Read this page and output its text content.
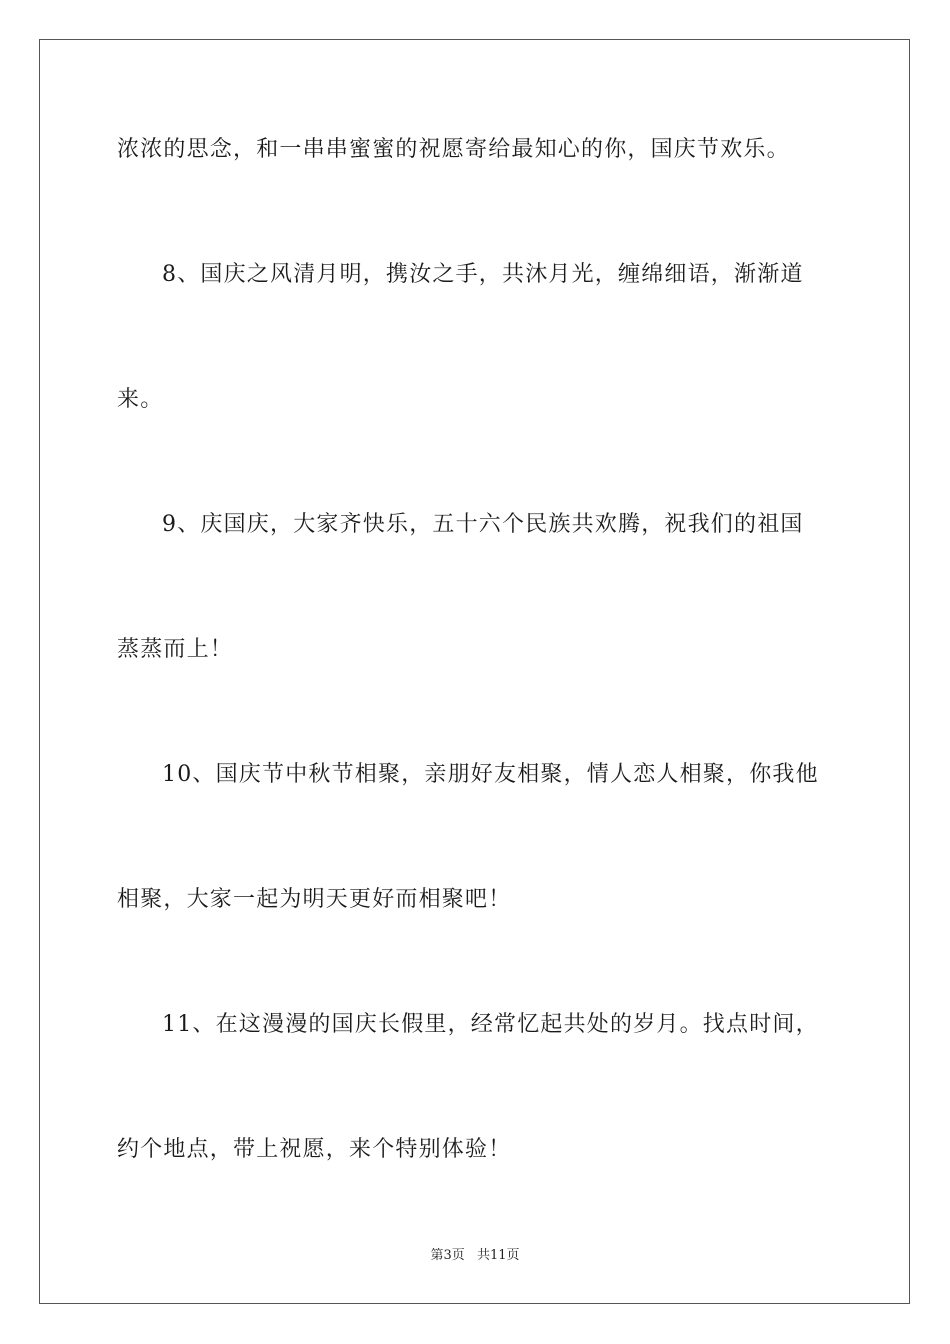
浓浓的思念，和一串串蜜蜜的祝愿寄给最知心的你，国庆节欢乐。
8、国庆之风清月明，携汝之手，共沐月光，缠绵细语，渐渐道
来。
9、庆国庆，大家齐快乐，五十六个民族共欢腾，祝我们的祖国
蒸蒸而上！
10、国庆节中秋节相聚，亲朋好友相聚，情人恋人相聚，你我他
相聚，大家一起为明天更好而相聚吧！
11、在这漫漫的国庆长假里，经常忆起共处的岁月。找点时间，
约个地点，带上祝愿，来个特别体验！
第3页 共11页
